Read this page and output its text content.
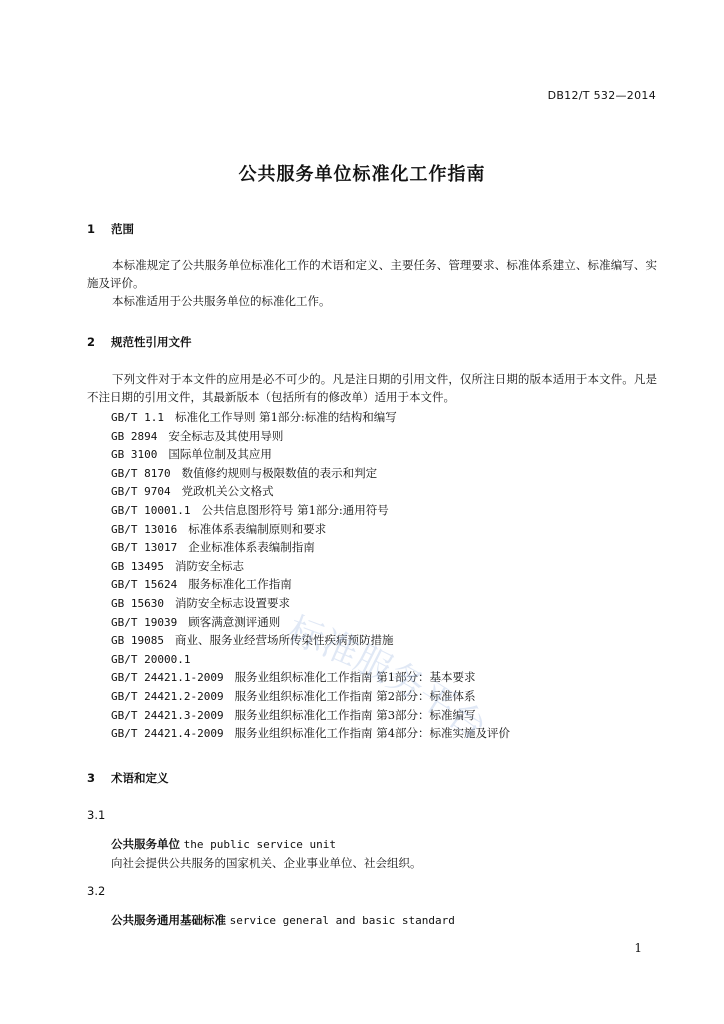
DB12/T 532—2014
公共服务单位标准化工作指南
1 范围
本标准规定了公共服务单位标准化工作的术语和定义、主要任务、管理要求、标准体系建立、标准编写、实施及评价。
本标准适用于公共服务单位的标准化工作。
2 规范性引用文件
下列文件对于本文件的应用是必不可少的。凡是注日期的引用文件，仅所注日期的版本适用于本文件。凡是不注日期的引用文件，其最新版本（包括所有的修改单）适用于本文件。
GB/T 1.1 标准化工作导则 第1部分:标准的结构和编写
GB 2894 安全标志及其使用导则
GB 3100 国际单位制及其应用
GB/T 8170 数值修约规则与极限数值的表示和判定
GB/T 9704 党政机关公文格式
GB/T 10001.1 公共信息图形符号 第1部分:通用符号
GB/T 13016 标准体系表编制原则和要求
GB/T 13017 企业标准体系表编制指南
GB 13495 消防安全标志
GB/T 15624 服务标准化工作指南
GB 15630 消防安全标志设置要求
GB/T 19039 顾客满意测评通则
GB 19085 商业、服务业经营场所传染性疾病预防措施
GB/T 20000.1
GB/T 24421.1-2009 服务业组织标准化工作指南 第1部分：基本要求
GB/T 24421.2-2009 服务业组织标准化工作指南 第2部分：标准体系
GB/T 24421.3-2009 服务业组织标准化工作指南 第3部分：标准编写
GB/T 24421.4-2009 服务业组织标准化工作指南 第4部分：标准实施及评价
3 术语和定义
3.1
公共服务单位 the public service unit
向社会提供公共服务的国家机关、企业事业单位、社会组织。
3.2
公共服务通用基础标准 service general and basic standard
1
标准服务平台
